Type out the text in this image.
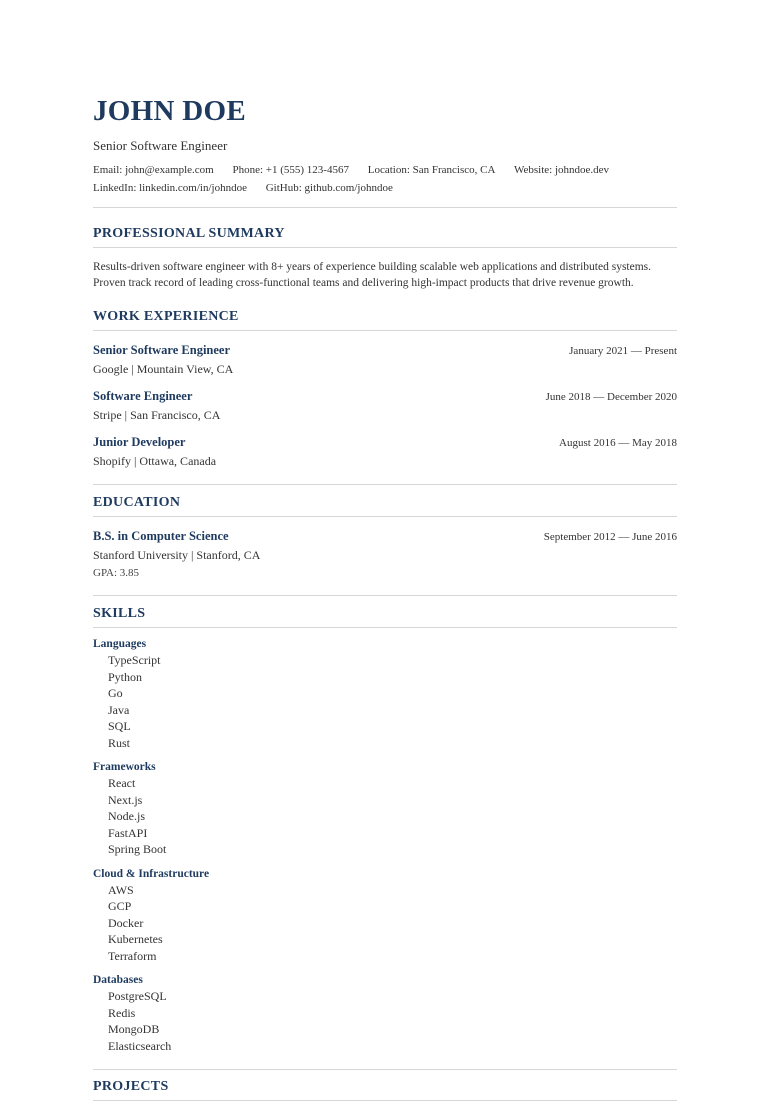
JOHN DOE
Senior Software Engineer
Email: john@example.com Phone: +1 (555) 123-4567 Location: San Francisco, CA Website: johndoe.dev
LinkedIn: linkedin.com/in/johndoe GitHub: github.com/johndoe
PROFESSIONAL SUMMARY
Results-driven software engineer with 8+ years of experience building scalable web applications and distributed systems. Proven track record of leading cross-functional teams and delivering high-impact products that drive revenue growth.
WORK EXPERIENCE
Senior Software Engineer	January 2021 — Present
Google | Mountain View, CA
Software Engineer	June 2018 — December 2020
Stripe | San Francisco, CA
Junior Developer	August 2016 — May 2018
Shopify | Ottawa, Canada
EDUCATION
B.S. in Computer Science	September 2012 — June 2016
Stanford University | Stanford, CA
GPA: 3.85
SKILLS
Languages
TypeScript
Python
Go
Java
SQL
Rust
Frameworks
React
Next.js
Node.js
FastAPI
Spring Boot
Cloud & Infrastructure
AWS
GCP
Docker
Kubernetes
Terraform
Databases
PostgreSQL
Redis
MongoDB
Elasticsearch
PROJECTS
